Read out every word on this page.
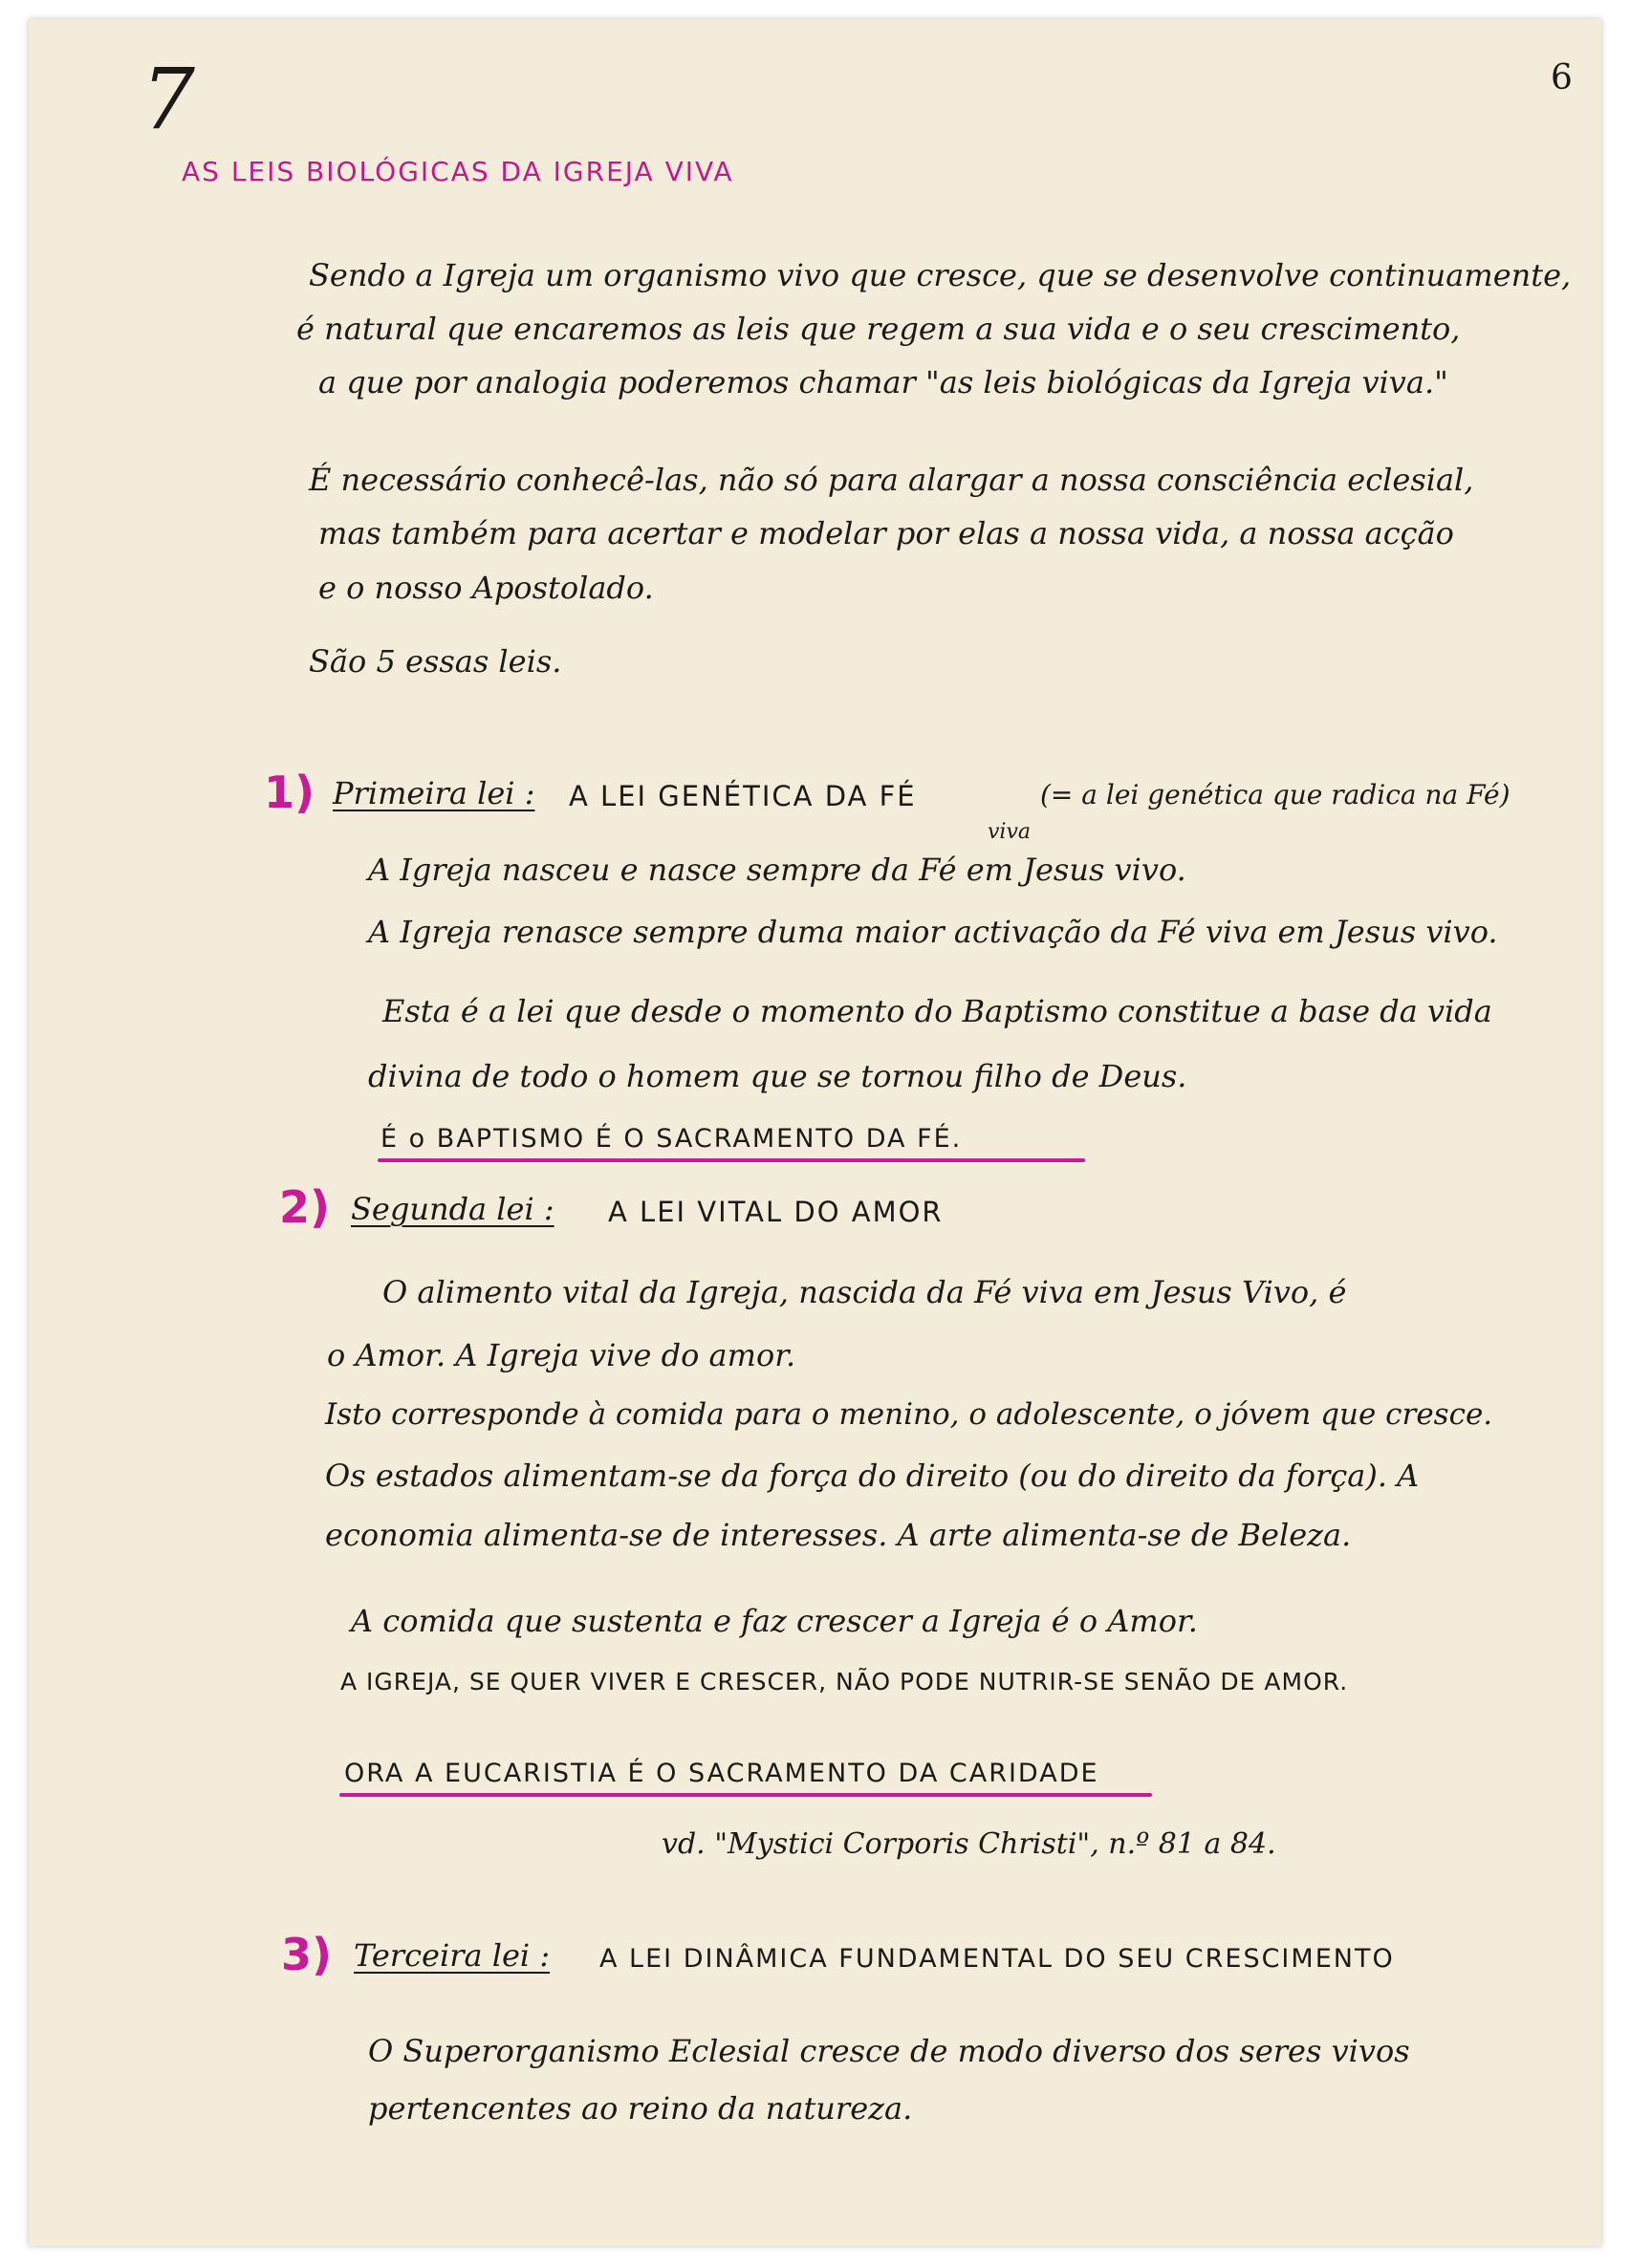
6
7
AS LEIS BIOLÓGICAS DA IGREJA VIVA
Sendo a Igreja um organismo vivo que cresce, que se desenvolve continuamente,
é natural que encaremos as leis que regem a sua vida e o seu crescimento,
a que por analogia poderemos chamar "as leis biológicas da Igreja viva."
É necessário conhecê-las, não só para alargar a nossa consciência eclesial,
mas também para acertar e modelar por elas a nossa vida, a nossa acção
e o nosso Apostolado.
São 5 essas leis.
1) Primeira lei : A LEI GENÉTICA DA FÉ	(= a lei genética que radica na Fé)
viva
A Igreja nasceu e nasce sempre da Fé em Jesus vivo.
A Igreja renasce sempre duma maior activação da Fé viva em Jesus vivo.
Esta é a lei que desde o momento do Baptismo constitue a base da vida
divina de todo o homem que se tornou filho de Deus.
É o BAPTISMO É O SACRAMENTO DA FÉ.
2) Segunda lei : A LEI VITAL DO AMOR
O alimento vital da Igreja, nascida da Fé viva em Jesus Vivo, é
o Amor. A Igreja vive do amor.
Isto corresponde à comida para o menino, o adolescente, o jóvem que cresce.
Os estados alimentam-se da força do direito (ou do direito da força). A
economia alimenta-se de interesses. A arte alimenta-se de Beleza.
A comida que sustenta e faz crescer a Igreja é o Amor.
A IGREJA, SE QUER VIVER E CRESCER, NÃO PODE NUTRIR-SE SENÃO DE AMOR.
ORA A EUCARISTIA É O SACRAMENTO DA CARIDADE
vd. "Mystici Corporis Christi", n.º 81 a 84.
3) Terceira lei : A LEI DINÂMICA FUNDAMENTAL DO SEU CRESCIMENTO
O Superorganismo Eclesial cresce de modo diverso dos seres vivos
pertencentes ao reino da natureza.
